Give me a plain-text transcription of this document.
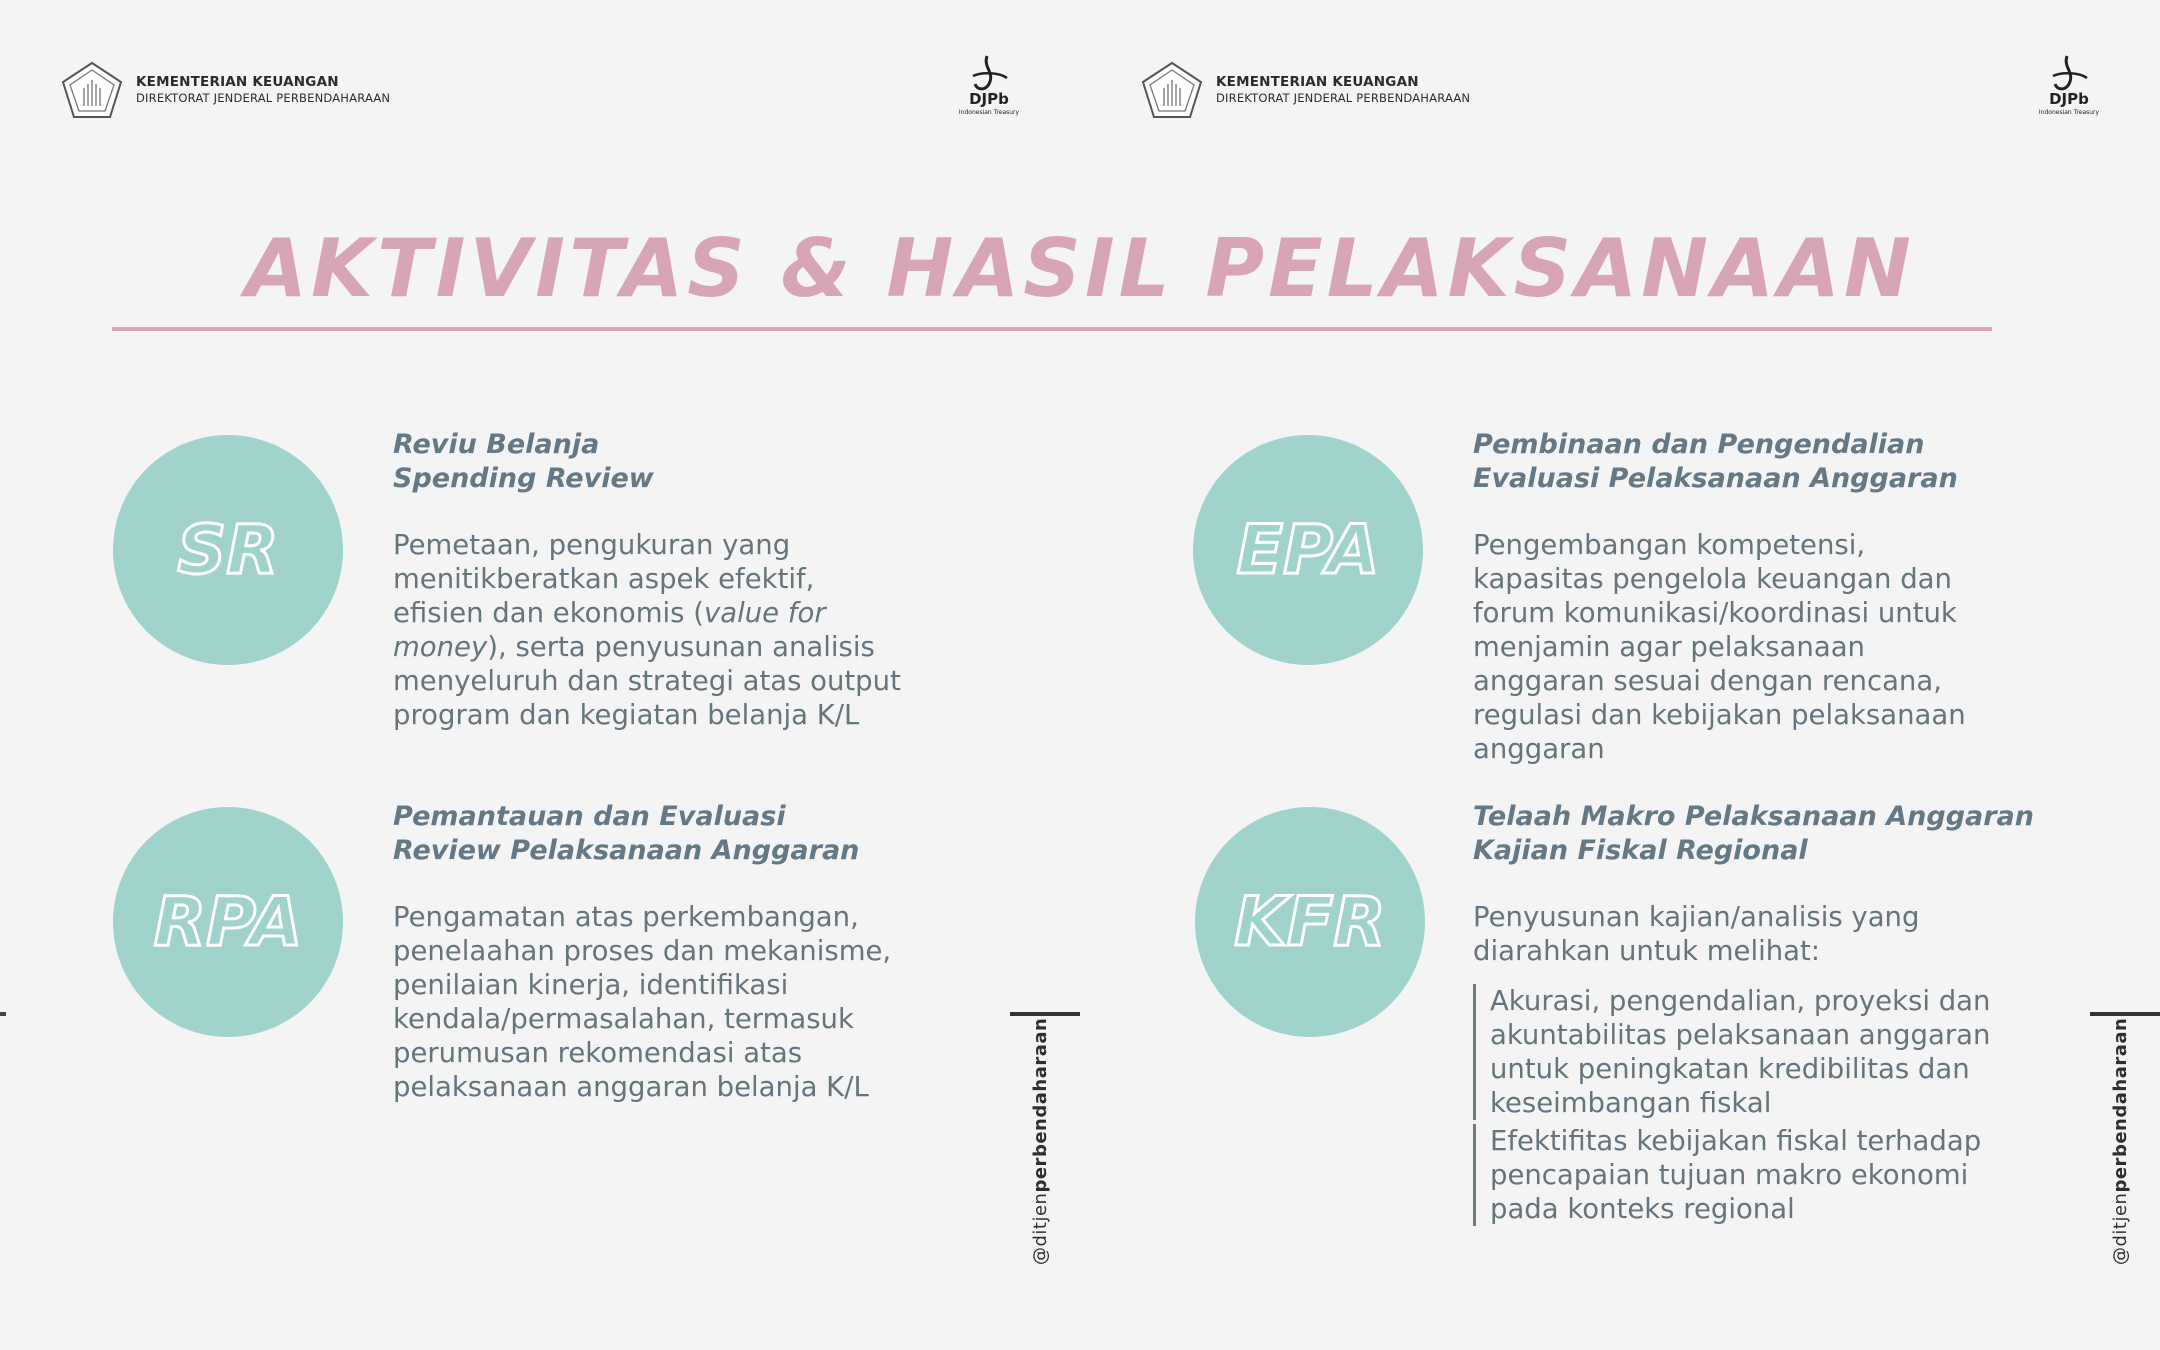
KEMENTERIAN KEUANGAN
DIREKTORAT JENDERAL PERBENDAHARAAN	DJPb
Indonesian Treasury
KEMENTERIAN KEUANGAN
DIREKTORAT JENDERAL PERBENDAHARAAN	DJPb
Indonesian Treasury
AKTIVITAS & HASIL PELAKSANAAN
SR
Reviu Belanja
Spending Review
Pemetaan, pengukuran yang
menitikberatkan aspek efektif,
efisien dan ekonomis (value for
money), serta penyusunan analisis
menyeluruh dan strategi atas output
program dan kegiatan belanja K/L
EPA
Pembinaan dan Pengendalian
Evaluasi Pelaksanaan Anggaran
Pengembangan kompetensi,
kapasitas pengelola keuangan dan
forum komunikasi/koordinasi untuk
menjamin agar pelaksanaan
anggaran sesuai dengan rencana,
regulasi dan kebijakan pelaksanaan
anggaran
RPA
Pemantauan dan Evaluasi
Review Pelaksanaan Anggaran
Pengamatan atas perkembangan,
penelaahan proses dan mekanisme,
penilaian kinerja, identifikasi
kendala/permasalahan, termasuk
perumusan rekomendasi atas
pelaksanaan anggaran belanja K/L
KFR
Telaah Makro Pelaksanaan Anggaran
Kajian Fiskal Regional
Penyusunan kajian/analisis yang
diarahkan untuk melihat:
Akurasi, pengendalian, proyeksi dan
akuntabilitas pelaksanaan anggaran
untuk peningkatan kredibilitas dan
keseimbangan fiskal
Efektifitas kebijakan fiskal terhadap
pencapaian tujuan makro ekonomi
pada konteks regional
@ditjenperbendaharaan
@ditjenperbendaharaan
